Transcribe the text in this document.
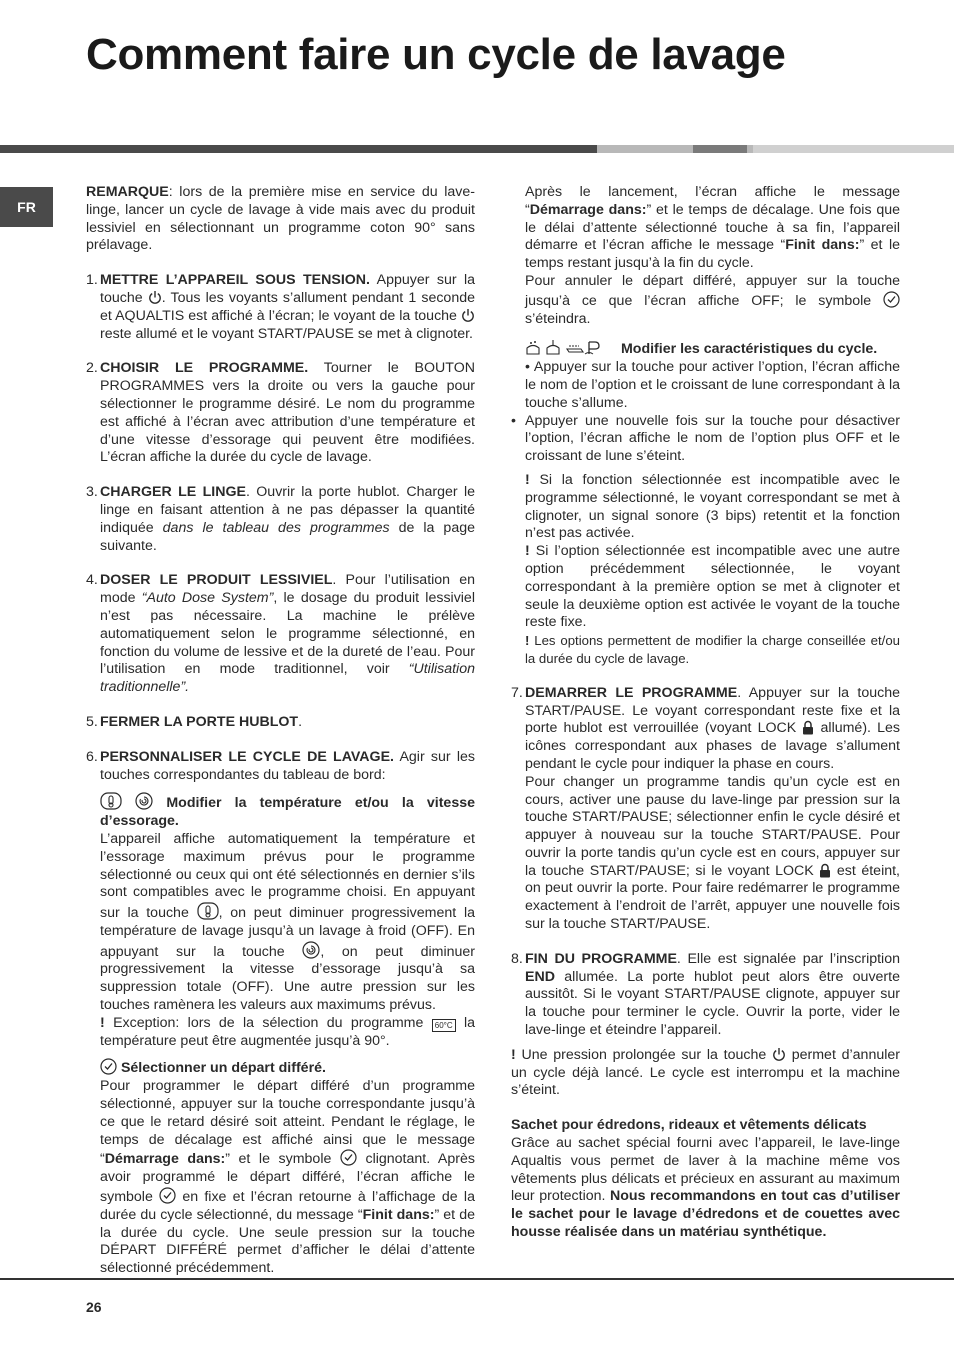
Comment faire un cycle de lavage
FR
REMARQUE: lors de la première mise en service du lave-linge, lancer un cycle de lavage à vide mais avec du produit lessiviel en sélectionnant un programme coton 90° sans prélavage.
1. METTRE L’APPAREIL SOUS TENSION. Appuyer sur la touche . Tous les voyants s’allument pendant 1 seconde et AQUALTIS est affiché à l’écran; le voyant de la touche  reste allumé et le voyant START/PAUSE se met à clignoter.
2. CHOISIR LE PROGRAMME. Tourner le BOUTON PROGRAMMES vers la droite ou vers la gauche pour sélectionner le programme désiré. Le nom du programme est affiché à l’écran avec attribution d’une température et d’une vitesse d’essorage qui peuvent être modifiées. L’écran affiche la durée du cycle de lavage.
3. CHARGER LE LINGE. Ouvrir la porte hublot. Charger le linge en faisant attention à ne pas dépasser la quantité indiquée dans le tableau des programmes de la page suivante.
4. DOSER LE PRODUIT LESSIVIEL. Pour l’utilisation en mode “Auto Dose System”, le dosage du produit lessiviel n’est pas nécessaire. La machine le prélève automatiquement selon le programme sélectionné, en fonction du volume de lessive et de la dureté de l’eau. Pour l’utilisation en mode traditionnel, voir “Utilisation traditionnelle”.
5. FERMER LA PORTE HUBLOT.
6. PERSONNALISER LE CYCLE DE LAVAGE. Agir sur les touches correspondantes du tableau de bord:
Modifier la température et/ou la vitesse d’essorage.
L’appareil affiche automatiquement la température et l’essorage maximum prévus pour le programme sélectionné ou ceux qui ont été sélectionnés en dernier s’ils sont compatibles avec le programme choisi. En appuyant sur la touche , on peut diminuer progressivement la température de lavage jusqu’à un lavage à froid (OFF). En appuyant sur la touche , on peut diminuer progressivement la vitesse d’essorage jusqu’à sa suppression totale (OFF). Une autre pression sur les touches ramènera les valeurs aux maximums prévus.
! Exception: lors de la sélection du programme 60°C la température peut être augmentée jusqu’à 90°.
Sélectionner un départ différé.
Pour programmer le départ différé d’un programme sélectionné, appuyer sur la touche correspondante jusqu’à ce que le retard désiré soit atteint. Pendant le réglage, le temps de décalage est affiché ainsi que le message “Démarrage dans:” et le symbole  clignotant. Après avoir programmé le départ différé, l’écran affiche le symbole  en fixe et l’écran retourne à l’affichage de la durée du cycle sélectionné, du message “Finit dans:” et de la durée du cycle. Une seule pression sur la touche DÉPART DIFFÉRÉ permet d’afficher le délai d’attente sélectionné précédemment.
Après le lancement, l’écran affiche le message “Démarrage dans:” et le temps de décalage. Une fois que le délai d’attente sélectionné touche à sa fin, l’appareil démarre et l’écran affiche le message “Finit dans:” et le temps restant jusqu’à la fin du cycle.
Pour annuler le départ différé, appuyer sur la touche jusqu’à ce que l’écran affiche OFF; le symbole  s’éteindra.
Modifier les caractéristiques du cycle.
• Appuyer sur la touche pour activer l’option, l’écran affiche le nom de l’option et le croissant de lune correspondant à la touche s’allume.
• Appuyer une nouvelle fois sur la touche pour désactiver l’option, l’écran affiche le nom de l’option plus OFF et le croissant de lune s’éteint.
! Si la fonction sélectionnée est incompatible avec le programme sélectionné, le voyant correspondant se met à clignoter, un signal sonore (3 bips) retentit et la fonction n’est pas activée.
! Si l’option sélectionnée est incompatible avec une autre option précédemment sélectionnée, le voyant correspondant à la première option se met à clignoter et seule la deuxième option est activée le voyant de la touche reste fixe.
! Les options permettent de modifier la charge conseillée et/ou la durée du cycle de lavage.
7. DEMARRER LE PROGRAMME. Appuyer sur la touche START/PAUSE. Le voyant correspondant reste fixe et la porte hublot est verrouillée (voyant LOCK  allumé). Les icônes correspondant aux phases de lavage s’allument pendant le cycle pour indiquer la phase en cours.
Pour changer un programme tandis qu’un cycle est en cours, activer une pause du lave-linge par pression sur la touche START/PAUSE; sélectionner enfin le cycle désiré et appuyer à nouveau sur la touche START/PAUSE. Pour ouvrir la porte tandis qu’un cycle est en cours, appuyer sur la touche START/PAUSE; si le voyant LOCK  est éteint, on peut ouvrir la porte. Pour faire redémarrer le programme exactement à l’endroit de l’arrêt, appuyer une nouvelle fois sur la touche START/PAUSE.
8. FIN DU PROGRAMME. Elle est signalée par l’inscription END allumée. La porte hublot peut alors être ouverte aussitôt. Si le voyant START/PAUSE clignote, appuyer sur la touche pour terminer le cycle. Ouvrir la porte, vider le lave-linge et éteindre l’appareil.
! Une pression prolongée sur la touche  permet d’annuler un cycle déjà lancé. Le cycle est interrompu et la machine s’éteint.
Sachet pour édredons, rideaux et vêtements délicats
Grâce au sachet spécial fourni avec l’appareil, le lave-linge Aqualtis vous permet de laver à la machine même vos vêtements plus délicats et précieux en assurant au maximum leur protection. Nous recommandons en tout cas d’utiliser le sachet pour le lavage d’édredons et de couettes avec housse réalisée dans un matériau synthétique.
26
